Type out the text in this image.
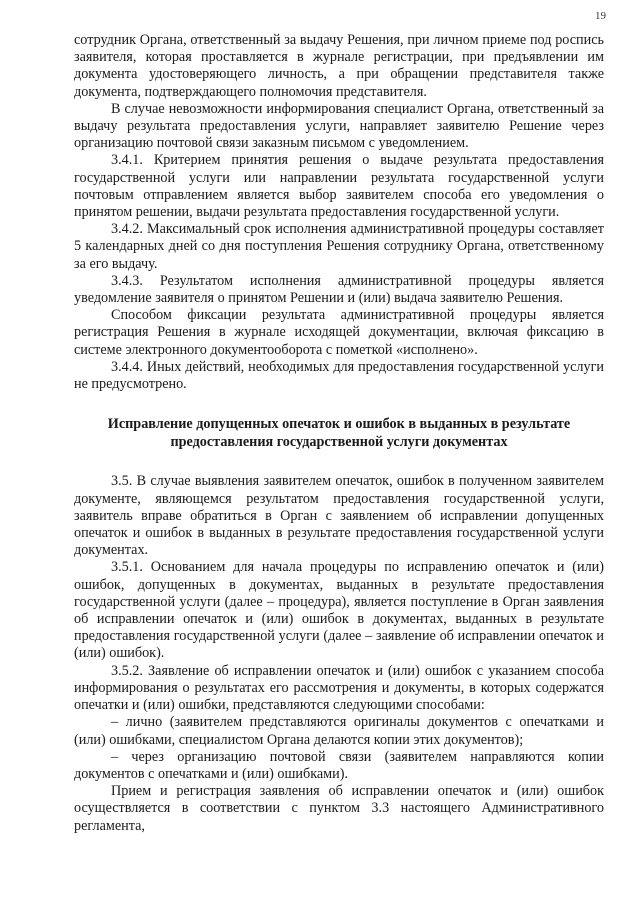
19

сотрудник Органа, ответственный за выдачу Решения, при личном приеме под роспись заявителя, которая проставляется в журнале регистрации, при предъявлении им документа удостоверяющего личность, а при обращении представителя также документа, подтверждающего полномочия представителя.

В случае невозможности информирования специалист Органа, ответственный за выдачу результата предоставления услуги, направляет заявителю Решение через организацию почтовой связи заказным письмом с уведомлением.

3.4.1. Критерием принятия решения о выдаче результата предоставления государственной услуги или направлении результата государственной услуги почтовым отправлением является выбор заявителем способа его уведомления о принятом решении, выдачи результата предоставления государственной услуги.

3.4.2. Максимальный срок исполнения административной процедуры составляет 5 календарных дней со дня поступления Решения сотруднику Органа, ответственному за его выдачу.

3.4.3. Результатом исполнения административной процедуры является уведомление заявителя о принятом Решении и (или) выдача заявителю Решения.

Способом фиксации результата административной процедуры является регистрация Решения в журнале исходящей документации, включая фиксацию в системе электронного документооборота с пометкой «исполнено».

3.4.4. Иных действий, необходимых для предоставления государственной услуги не предусмотрено.

Исправление допущенных опечаток и ошибок в выданных в результате
предоставления государственной услуги документах

3.5. В случае выявления заявителем опечаток, ошибок в полученном заявителем документе, являющемся результатом предоставления государственной услуги, заявитель вправе обратиться в Орган с заявлением об исправлении допущенных опечаток и ошибок в выданных в результате предоставления государственной услуги документах.

3.5.1. Основанием для начала процедуры по исправлению опечаток и (или) ошибок, допущенных в документах, выданных в результате предоставления государственной услуги (далее – процедура), является поступление в Орган заявления об исправлении опечаток и (или) ошибок в документах, выданных в результате предоставления государственной услуги (далее – заявление об исправлении опечаток и (или) ошибок).

3.5.2. Заявление об исправлении опечаток и (или) ошибок с указанием способа информирования о результатах его рассмотрения и документы, в которых содержатся опечатки и (или) ошибки, представляются следующими способами:

– лично (заявителем представляются оригиналы документов с опечатками и (или) ошибками, специалистом Органа делаются копии этих документов);

– через организацию почтовой связи (заявителем направляются копии документов с опечатками и (или) ошибками).

Прием и регистрация заявления об исправлении опечаток и (или) ошибок осуществляется в соответствии с пунктом 3.3 настоящего Административного регламента,
